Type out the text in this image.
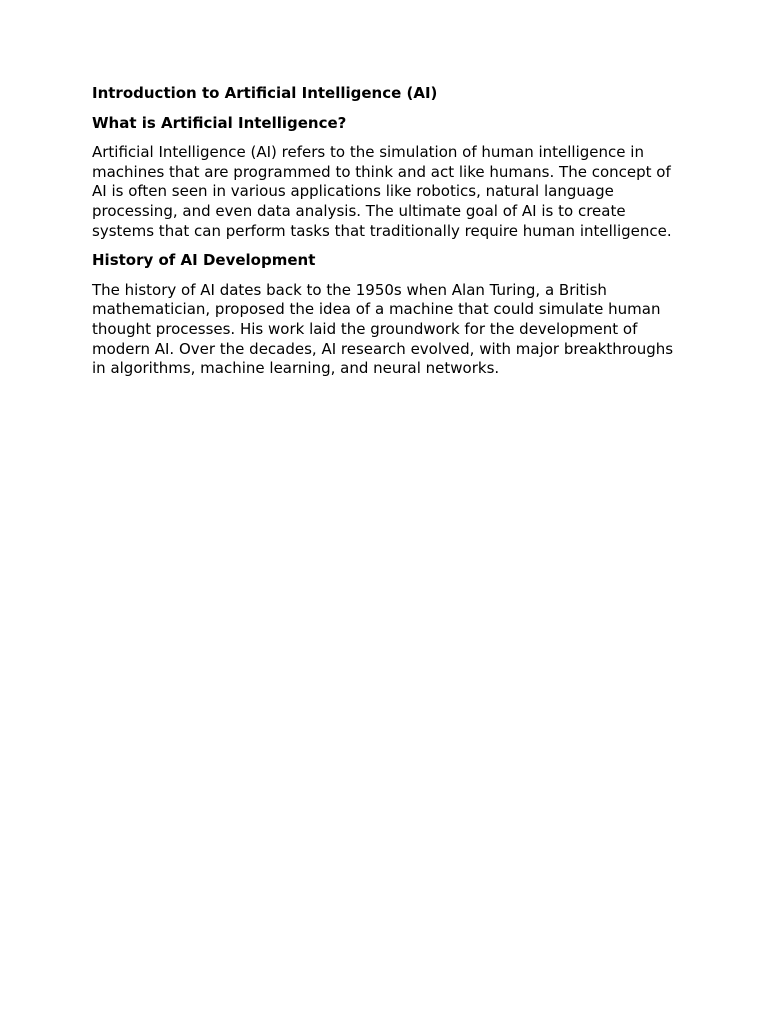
Introduction to Artificial Intelligence (AI)
What is Artificial Intelligence?

Artificial Intelligence (AI) refers to the simulation of human intelligence in machines that are programmed to think and act like humans. The concept of AI is often seen in various applications like robotics, natural language processing, and even data analysis. The ultimate goal of AI is to create systems that can perform tasks that traditionally require human intelligence.

History of AI Development

The history of AI dates back to the 1950s when Alan Turing, a British mathematician, proposed the idea of a machine that could simulate human thought processes. His work laid the groundwork for the development of modern AI. Over the decades, AI research evolved, with major breakthroughs in algorithms, machine learning, and neural networks.
